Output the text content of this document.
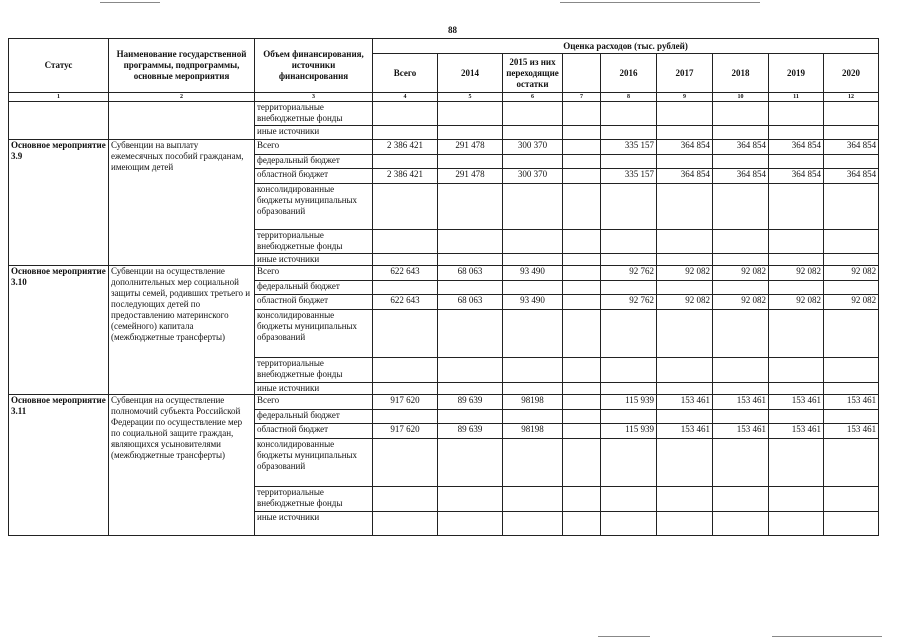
88
Статус	Наименование государственной программы, подпрограммы, основные мероприятия	Объем финансирования, источники финансирования	Оценка расходов (тыс. рублей)								
			Всего	2014	2015 из них переходящие остатки		2016	2017	2018	2019	2020
1	2	3	4	5	6	7	8	9	10	11	12
		территориальные внебюджетные фонды									
		иные источники									
Основное мероприятие 3.9	Субвенции на выплату ежемесячных пособий гражданам, имеющим детей	Всего	2 386 421	291 478	300 370		335 157	364 854	364 854	364 854	364 854
		федеральный бюджет									
		областной бюджет	2 386 421	291 478	300 370		335 157	364 854	364 854	364 854	364 854
		консолидированные бюджеты муниципальных образований									
		территориальные внебюджетные фонды									
		иные источники									
Основное мероприятие 3.10	Субвенции на осуществление дополнительных мер социальной защиты семей, родивших третьего и последующих детей по предоставлению материнского (семейного) капитала (межбюджетные трансферты)	Всего	622 643	68 063	93 490		92 762	92 082	92 082	92 082	92 082
		федеральный бюджет									
		областной бюджет	622 643	68 063	93 490		92 762	92 082	92 082	92 082	92 082
		консолидированные бюджеты муниципальных образований									
		территориальные внебюджетные фонды									
		иные источники									
Основное мероприятие 3.11	Субвенция на осуществление полномочий субъекта Российской Федерации по осуществление мер по социальной защите граждан, являющихся усыновителями (межбюджетные трансферты)	Всего	917 620	89 639	98198		115 939	153 461	153 461	153 461	153 461
		федеральный бюджет									
		областной бюджет	917 620	89 639	98198		115 939	153 461	153 461	153 461	153 461
		консолидированные бюджеты муниципальных образований									
		территориальные внебюджетные фонды									
		иные источники									
